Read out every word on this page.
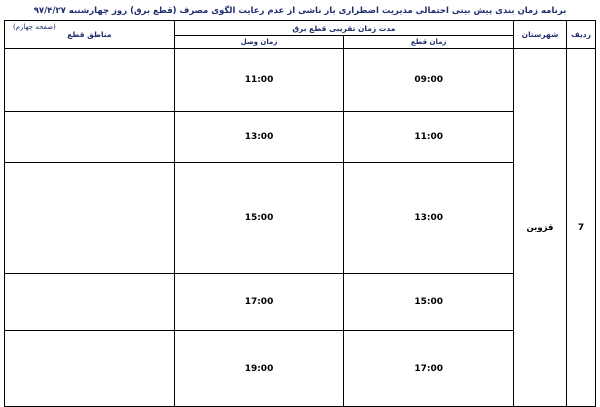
برنامه زمان بندی پیش بینی احتمالی مدیریت اضطراری بار ناشی از عدم رعایت الگوی مصرف (قطع برق) روز چهارشنبه ۹۷/۴/۲۷
ردیف	شهرستان	مدت زمان تقریبی قطع برق		مناطق قطع
(صفحه چهارم)

		زمان قطع	زمان وصل	
7	قزوین	09:00	11:00	
		11:00	13:00	
		13:00	15:00	
		15:00	17:00	
		17:00	19:00	
